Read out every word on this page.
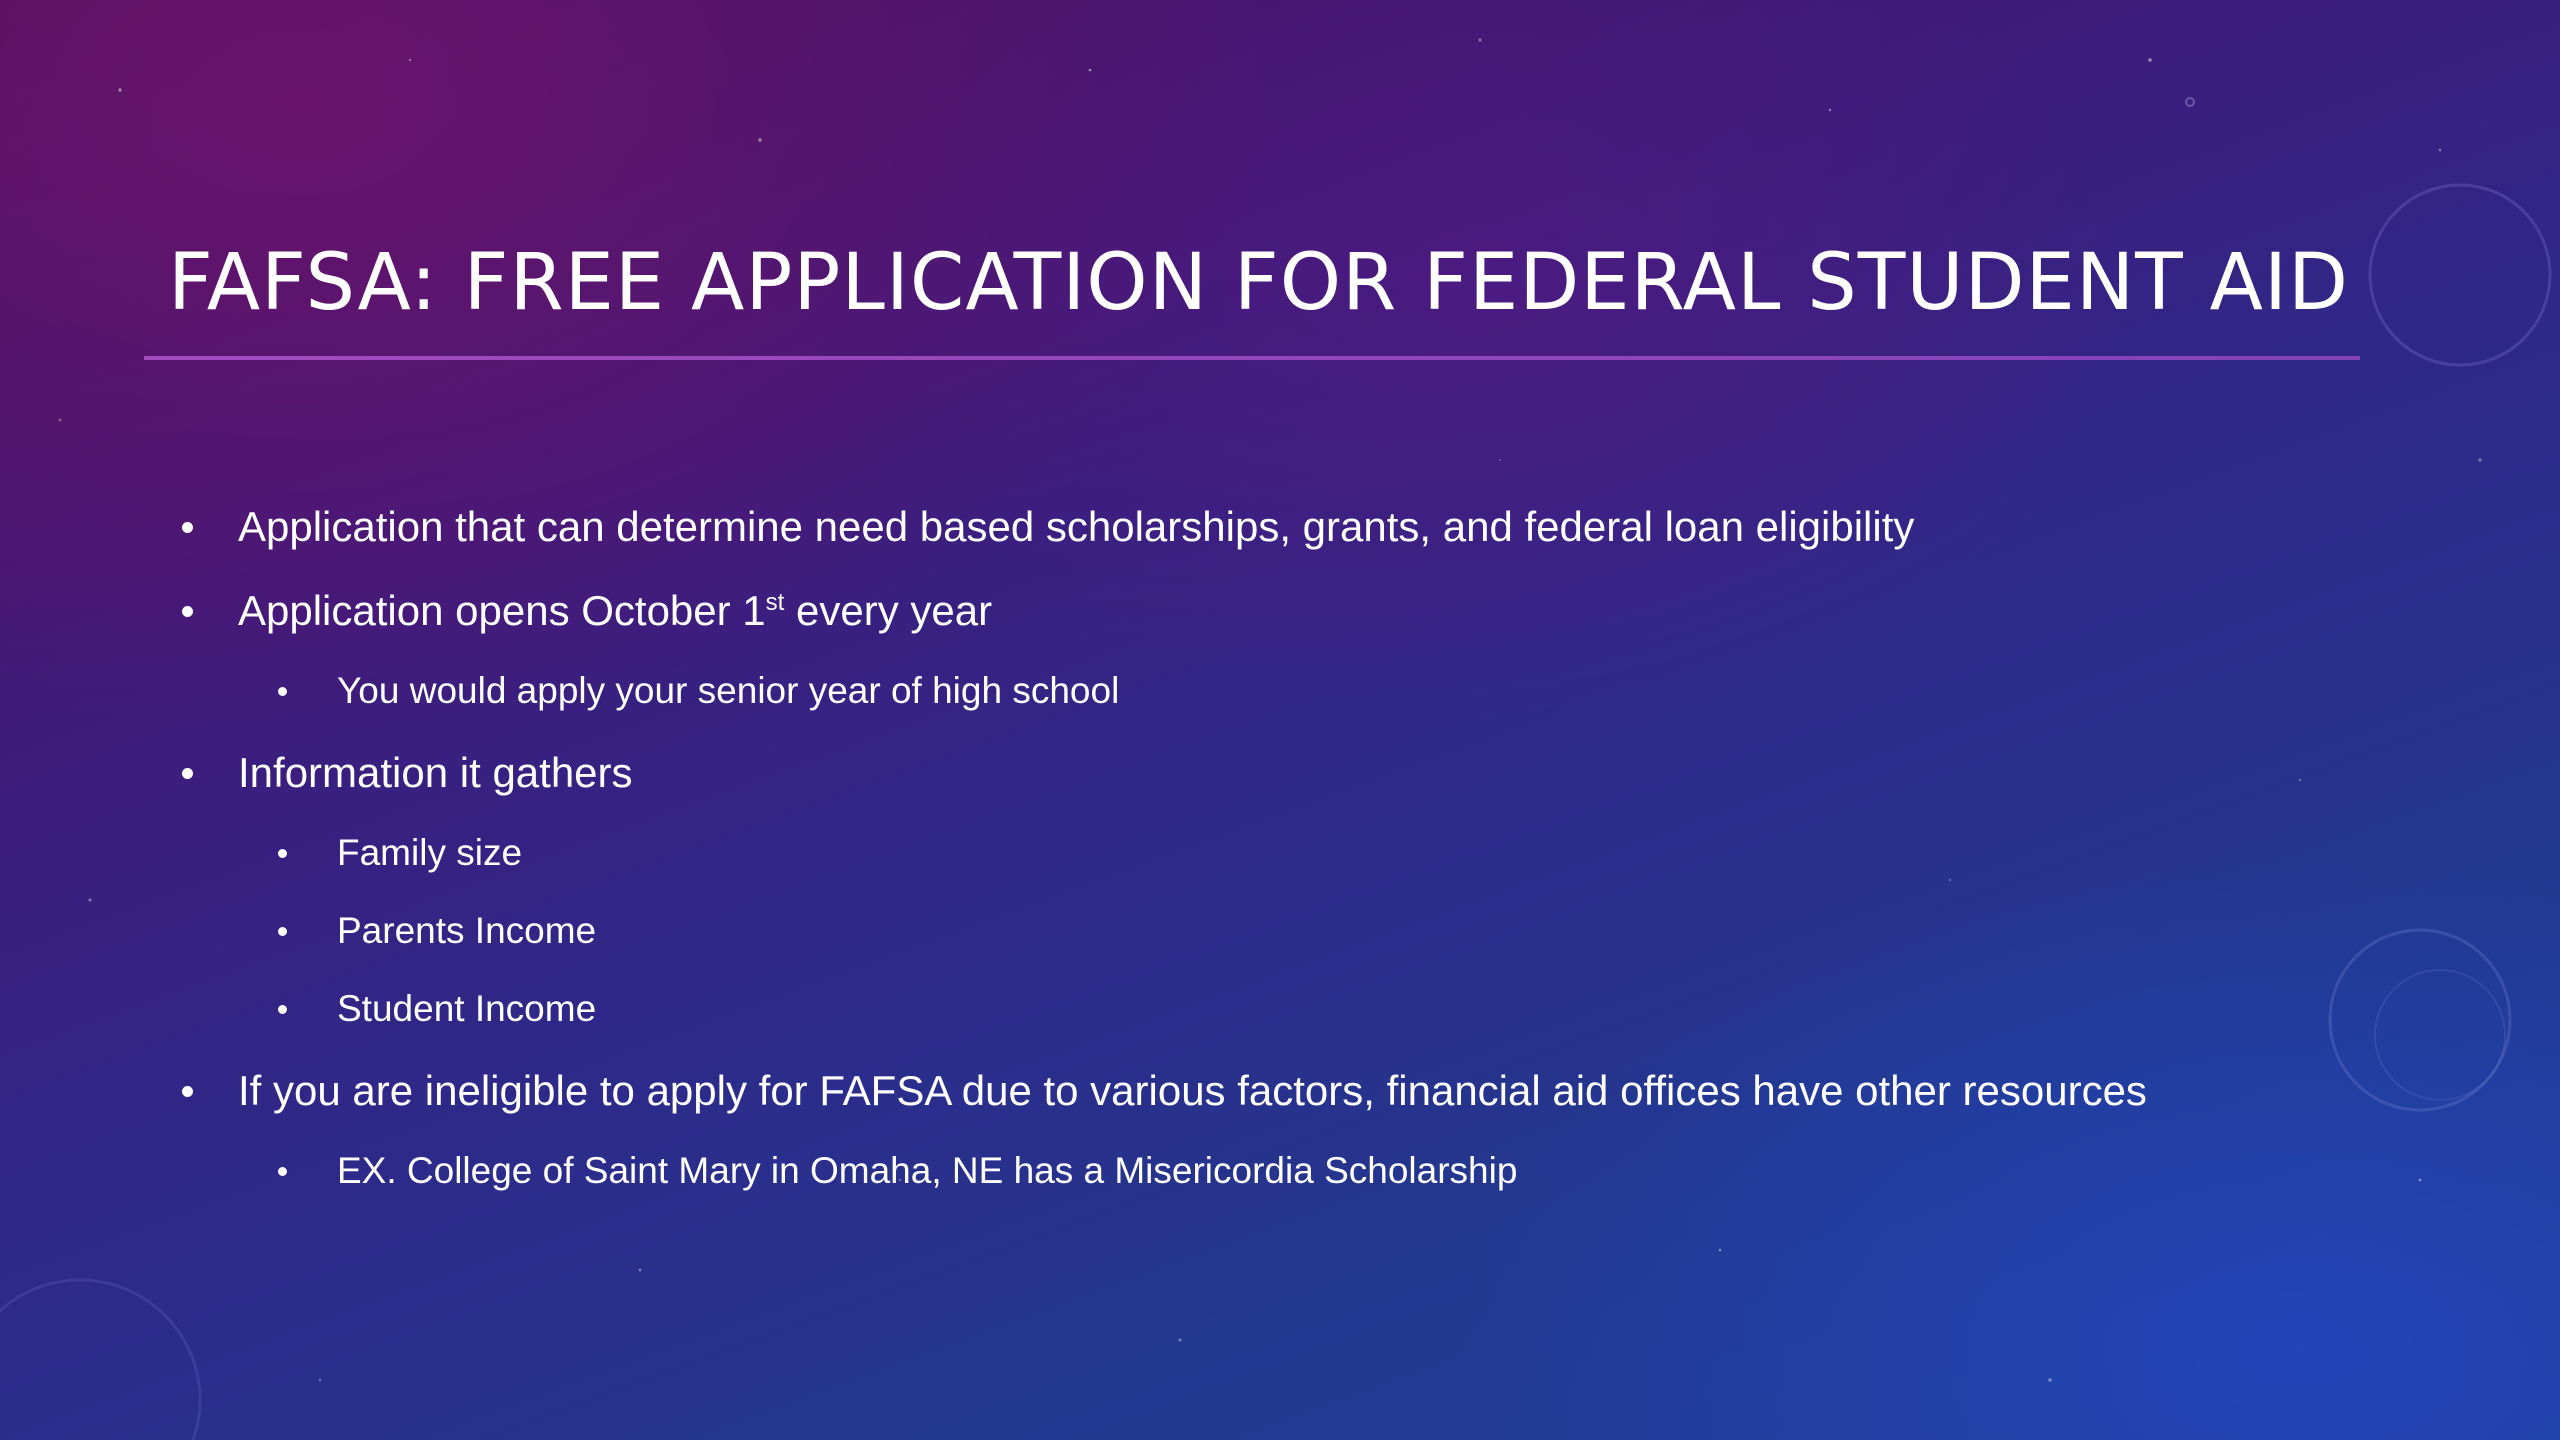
FAFSA: FREE APPLICATION FOR FEDERAL STUDENT AID
Application that can determine need based scholarships, grants, and federal loan eligibility
Application opens October 1st every year
You would apply your senior year of high school
Information it gathers
Family size
Parents Income
Student Income
If you are ineligible to apply for FAFSA due to various factors, financial aid offices have other resources
EX. College of Saint Mary in Omaha, NE has a Misericordia Scholarship
